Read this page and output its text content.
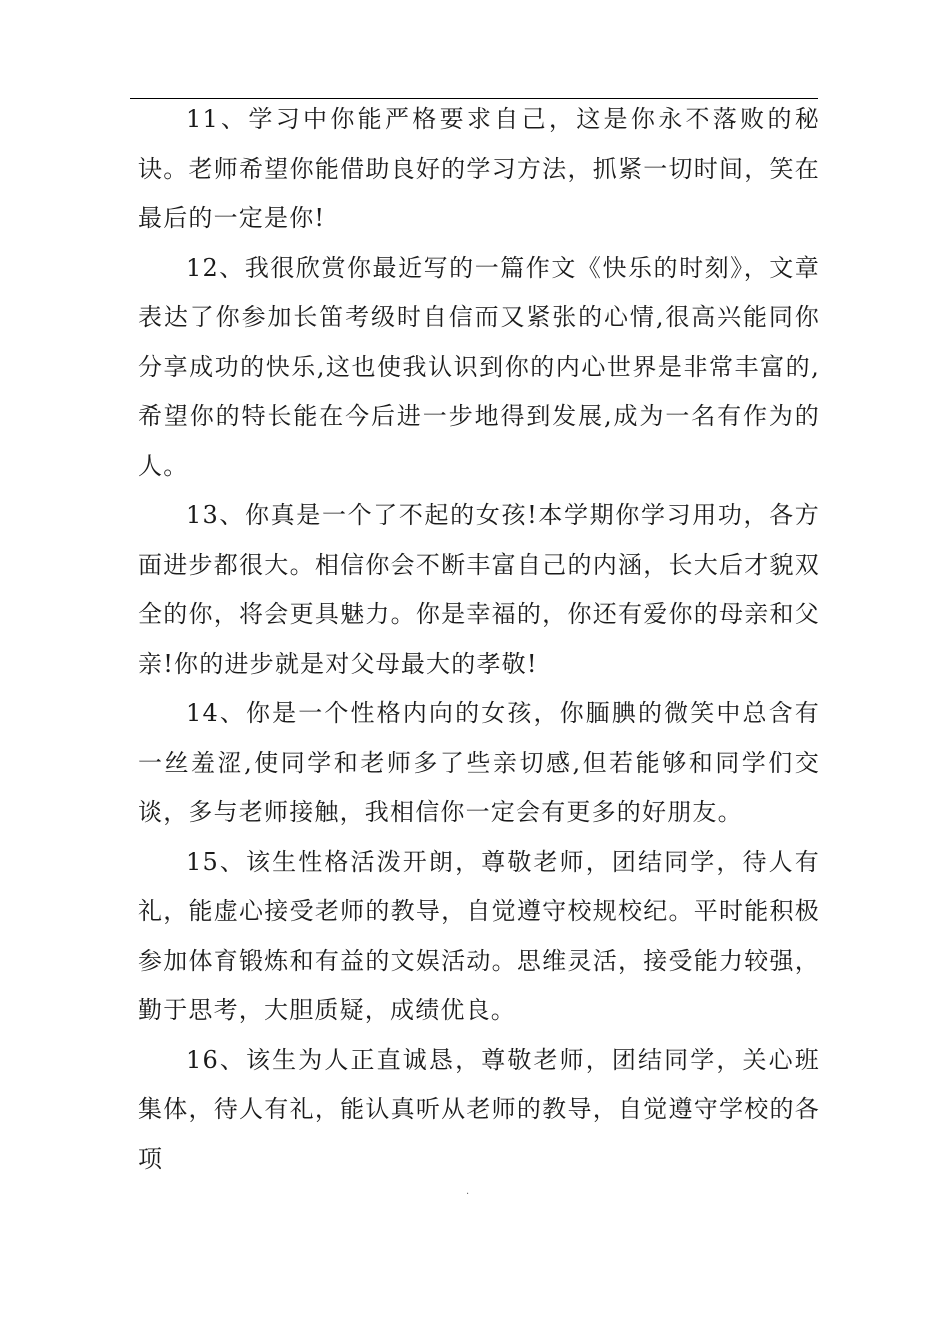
11、学习中你能严格要求自己，这是你永不落败的秘诀。老师希望你能借助良好的学习方法，抓紧一切时间，笑在最后的一定是你!

12、我很欣赏你最近写的一篇作文《快乐的时刻》，文章表达了你参加长笛考级时自信而又紧张的心情,很高兴能同你分享成功的快乐,这也使我认识到你的内心世界是非常丰富的,希望你的特长能在今后进一步地得到发展,成为一名有作为的人。

13、你真是一个了不起的女孩!本学期你学习用功，各方面进步都很大。相信你会不断丰富自己的内涵，长大后才貌双全的你，将会更具魅力。你是幸福的，你还有爱你的母亲和父亲!你的进步就是对父母最大的孝敬!

14、你是一个性格内向的女孩，你腼腆的微笑中总含有一丝羞涩,使同学和老师多了些亲切感,但若能够和同学们交谈，多与老师接触，我相信你一定会有更多的好朋友。

15、该生性格活泼开朗，尊敬老师，团结同学，待人有礼，能虚心接受老师的教导，自觉遵守校规校纪。平时能积极参加体育锻炼和有益的文娱活动。思维灵活，接受能力较强，勤于思考，大胆质疑，成绩优良。

16、该生为人正直诚恳，尊敬老师，团结同学，关心班集体，待人有礼，能认真听从老师的教导，自觉遵守学校的各项

.
